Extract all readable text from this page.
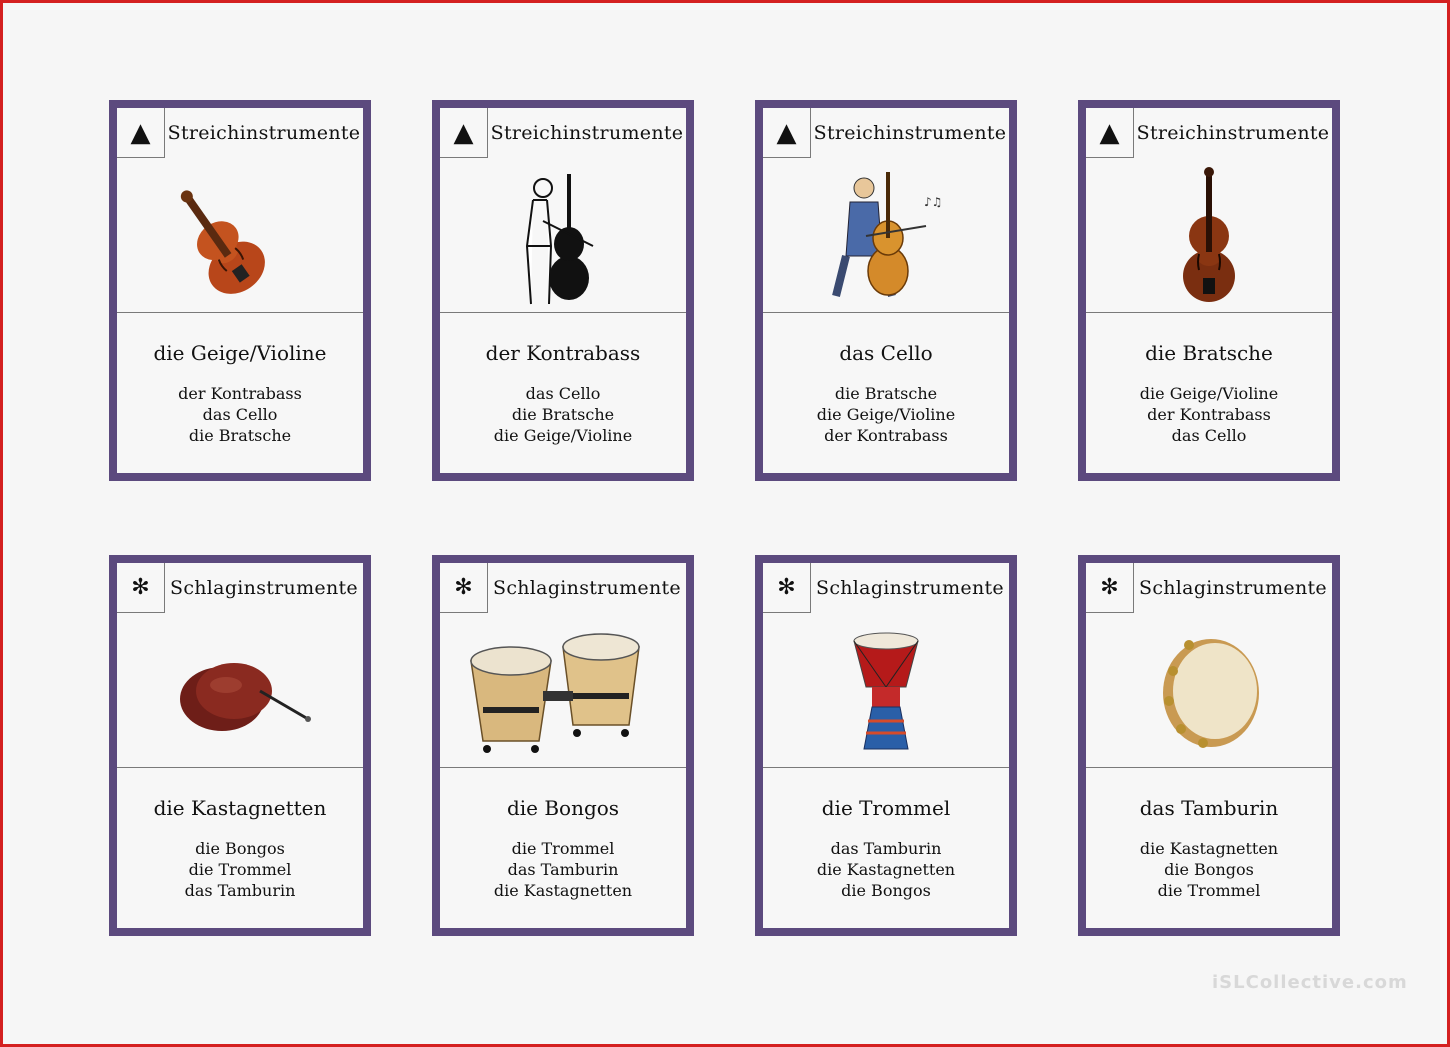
▲ Streichinstrumente
die Geige/Violine
der Kontrabass
das Cello
die Bratsche
▲ Streichinstrumente
der Kontrabass
das Cello
die Bratsche
die Geige/Violine
▲ Streichinstrumente
♪♫
das Cello
die Bratsche
die Geige/Violine
der Kontrabass
▲ Streichinstrumente
die Bratsche
die Geige/Violine
der Kontrabass
das Cello
✻	Schlaginstrumente
die Kastagnetten
die Bongos
die Trommel
das Tamburin
✻	Schlaginstrumente
die Bongos
die Trommel
das Tamburin
die Kastagnetten
✻	Schlaginstrumente
die Trommel
das Tamburin
die Kastagnetten
die Bongos
✻	Schlaginstrumente
das Tamburin
die Kastagnetten
die Bongos
die Trommel
iSLCollective.com
